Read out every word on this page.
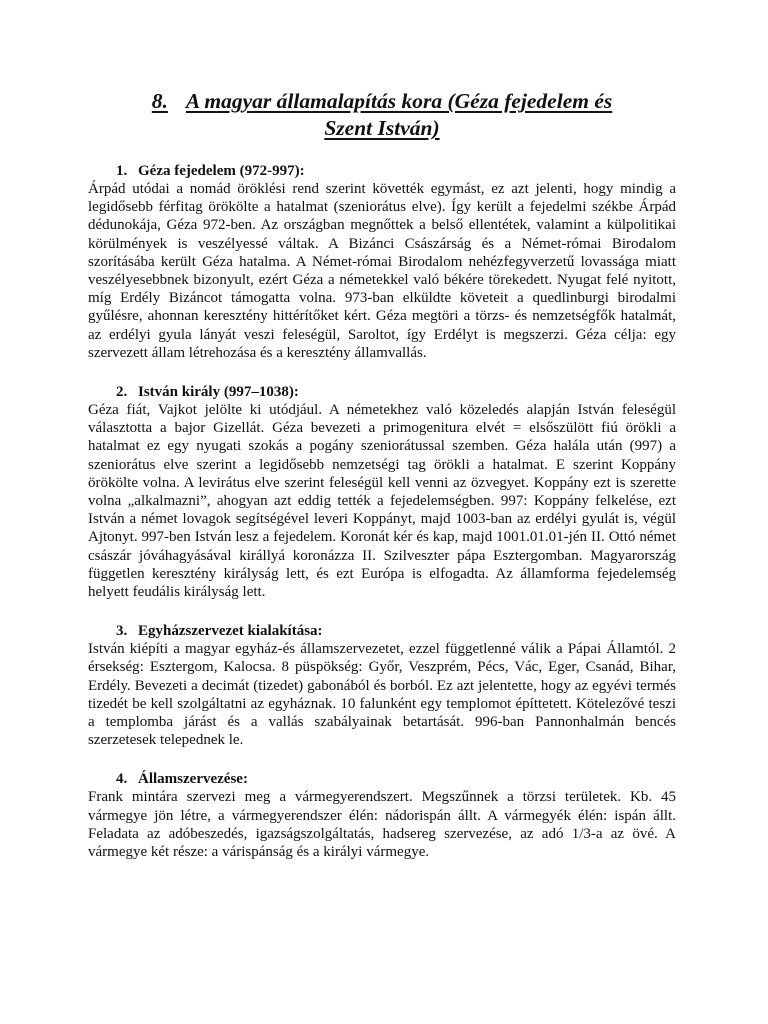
8. A magyar államalapítás kora (Géza fejedelem és
Szent István)

1. Géza fejedelem (972-997):

Árpád utódai a nomád öröklési rend szerint követték egymást, ez azt jelenti, hogy mindig a legidősebb férfitag örökölte a hatalmat (szeniorátus elve). Így került a fejedelmi székbe Árpád dédunokája, Géza 972-ben. Az országban megnőttek a belső ellentétek, valamint a külpolitikai körülmények is veszélyessé váltak. A Bizánci Császárság és a Német-római Birodalom szorításába került Géza hatalma. A Német-római Birodalom nehézfegyverzetű lovassága miatt veszélyesebbnek bizonyult, ezért Géza a németekkel való békére törekedett. Nyugat felé nyitott, míg Erdély Bizáncot támogatta volna. 973-ban elküldte követeit a quedlinburgi birodalmi gyűlésre, ahonnan keresztény hittérítőket kért. Géza megtöri a törzs- és nemzetségfők hatalmát, az erdélyi gyula lányát veszi feleségül, Saroltot, így Erdélyt is megszerzi. Géza célja: egy szervezett állam létrehozása és a keresztény államvallás.

2. István király (997–1038):

Géza fiát, Vajkot jelölte ki utódjául. A németekhez való közeledés alapján István feleségül választotta a bajor Gizellát. Géza bevezeti a primogenitura elvét = elsőszülött fiú örökli a hatalmat ez egy nyugati szokás a pogány szeniorátussal szemben. Géza halála után (997) a szeniorátus elve szerint a legidősebb nemzetségi tag örökli a hatalmat. E szerint Koppány örökölte volna. A levirátus elve szerint feleségül kell venni az özvegyet. Koppány ezt is szerette volna „alkalmazni”, ahogyan azt eddig tették a fejedelemségben. 997: Koppány felkelése, ezt István a német lovagok segítségével leveri Koppányt, majd 1003-ban az erdélyi gyulát is, végül Ajtonyt. 997-ben István lesz a fejedelem. Koronát kér és kap, majd 1001.01.01-jén II. Ottó német császár jóváhagyásával királlyá koronázza II. Szilveszter pápa Esztergomban. Magyarország független keresztény királyság lett, és ezt Európa is elfogadta. Az államforma fejedelemség helyett feudális királyság lett.

3. Egyházszervezet kialakítása:

István kiépíti a magyar egyház-és államszervezetet, ezzel függetlenné válik a Pápai Államtól. 2 érsekség: Esztergom, Kalocsa. 8 püspökség: Győr, Veszprém, Pécs, Vác, Eger, Csanád, Bihar, Erdély. Bevezeti a decimát (tizedet) gabonából és borból. Ez azt jelentette, hogy az egyévi termés tizedét be kell szolgáltatni az egyháznak. 10 falunként egy templomot építtetett. Kötelezővé teszi a templomba járást és a vallás szabályainak betartását. 996-ban Pannonhalmán bencés szerzetesek telepednek le.

4. Államszervezése:

Frank mintára szervezi meg a vármegyerendszert. Megszűnnek a törzsi területek. Kb. 45 vármegye jön létre, a vármegyerendszer élén: nádorispán állt. A vármegyék élén: ispán állt. Feladata az adóbeszedés, igazságszolgáltatás, hadsereg szervezése, az adó 1/3-a az övé. A vármegye két része: a várispánság és a királyi vármegye.
